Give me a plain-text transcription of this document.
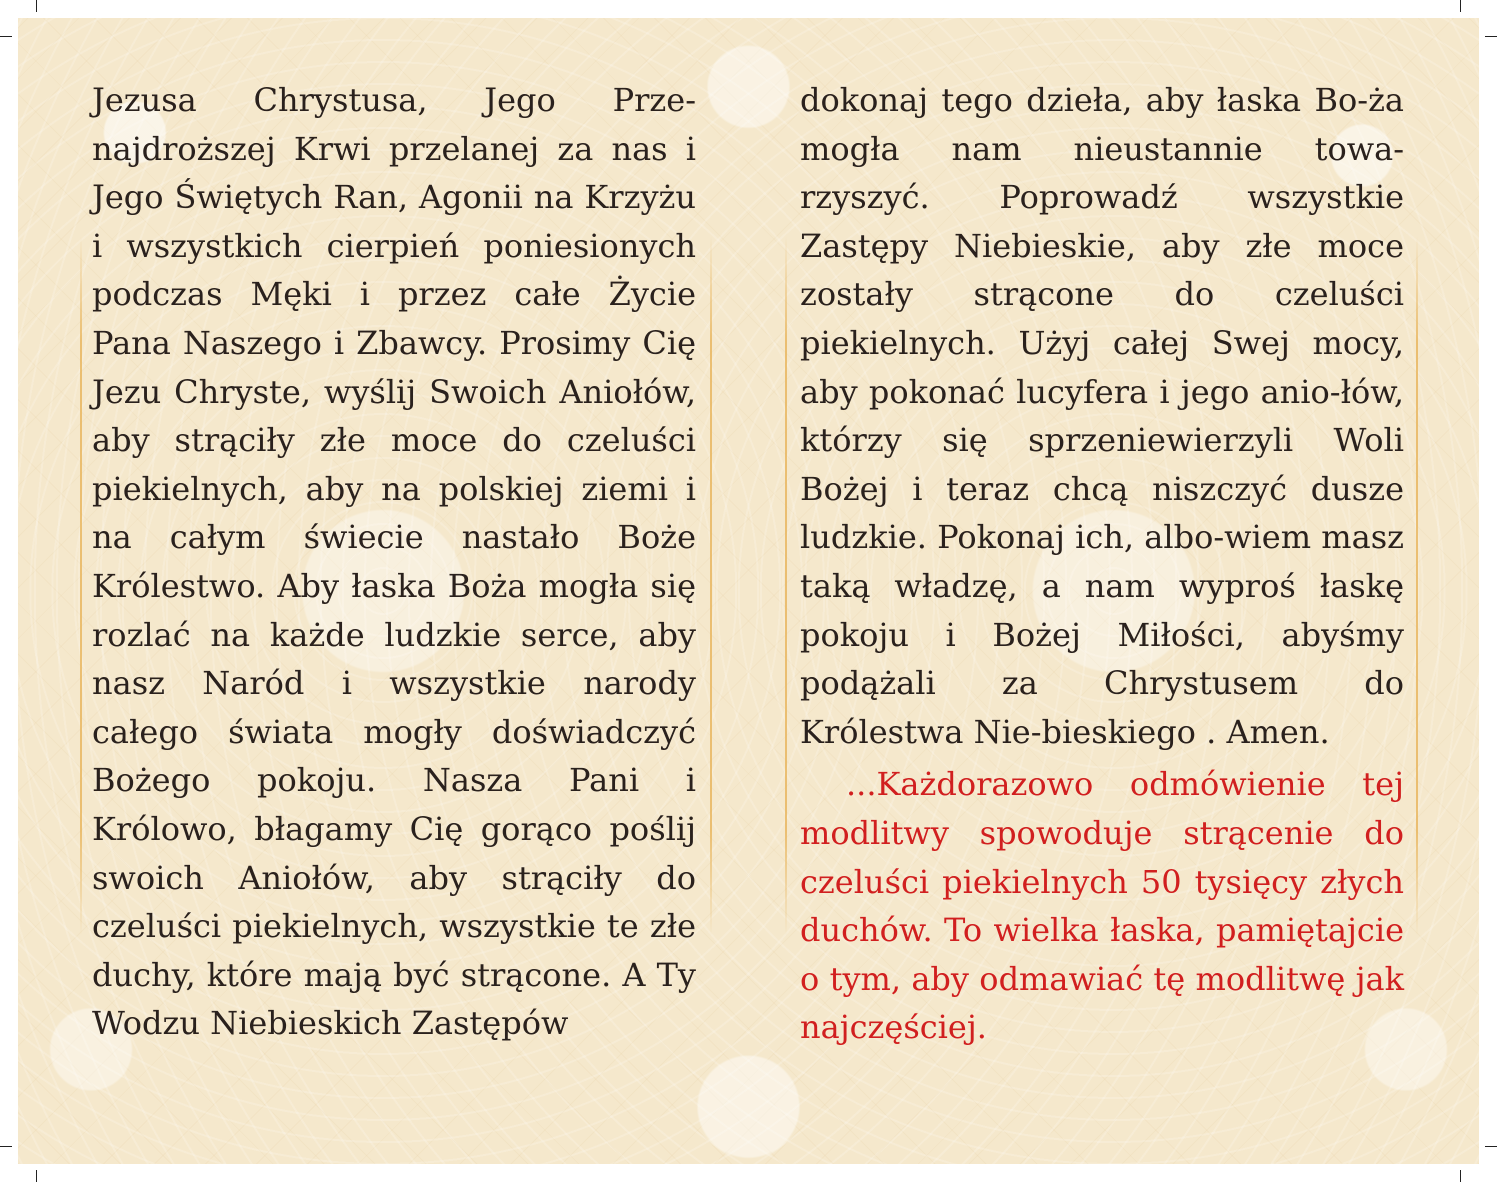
Jezusa Chrystusa, Jego Prze-najdroższej Krwi przelanej za nas i Jego Świętych Ran, Agonii na Krzyżu i wszystkich cierpień poniesionych podczas Męki i przez całe Życie Pana Naszego i Zbawcy. Prosimy Cię Jezu Chryste, wyślij Swoich Aniołów, aby strąciły złe moce do czeluści piekielnych, aby na polskiej ziemi i na całym świecie nastało Boże Królestwo. Aby łaska Boża mogła się rozlać na każde ludzkie serce, aby nasz Naród i wszystkie narody całego świata mogły doświadczyć Bożego pokoju. Nasza Pani i Królowo, błagamy Cię gorąco poślij swoich Aniołów, aby strąciły do czeluści piekielnych, wszystkie te złe duchy, które mają być strącone. A Ty Wodzu Niebieskich Zastępów

dokonaj tego dzieła, aby łaska Bo-ża mogła nam nieustannie towa-rzyszyć. Poprowadź wszystkie Zastępy Niebieskie, aby złe moce zostały strącone do czeluści piekielnych. Użyj całej Swej mocy, aby pokonać lucyfera i jego anio-łów, którzy się sprzeniewierzyli Woli Bożej i teraz chcą niszczyć dusze ludzkie. Pokonaj ich, albo-wiem masz taką władzę, a nam wyproś łaskę pokoju i Bożej Miłości, abyśmy podążali za Chrystusem do Królestwa Nie-bieskiego . Amen.

...Każdorazowo odmówienie tej modlitwy spowoduje strącenie do czeluści piekielnych 50 tysięcy złych duchów. To wielka łaska, pamiętajcie o tym, aby odmawiać tę modlitwę jak najczęściej.
